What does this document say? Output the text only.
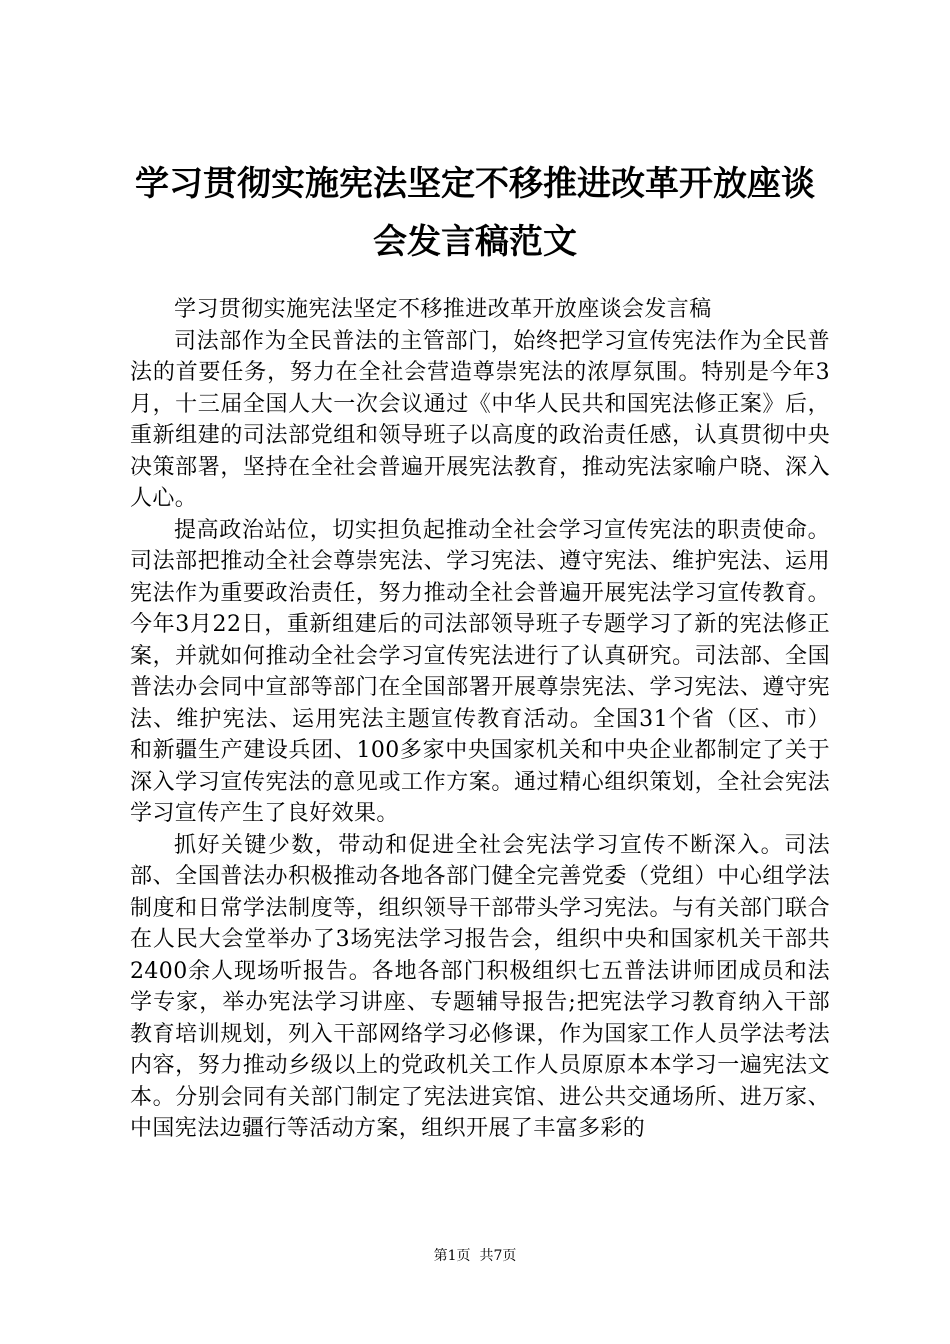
学习贯彻实施宪法坚定不移推进改革开放座谈
会发言稿范文

学习贯彻实施宪法坚定不移推进改革开放座谈会发言稿

司法部作为全民普法的主管部门，始终把学习宣传宪法作为全民普法的首要任务，努力在全社会营造尊崇宪法的浓厚氛围。特别是今年3月，十三届全国人大一次会议通过《中华人民共和国宪法修正案》后，重新组建的司法部党组和领导班子以高度的政治责任感，认真贯彻中央决策部署，坚持在全社会普遍开展宪法教育，推动宪法家喻户晓、深入人心。

提高政治站位，切实担负起推动全社会学习宣传宪法的职责使命。司法部把推动全社会尊崇宪法、学习宪法、遵守宪法、维护宪法、运用宪法作为重要政治责任，努力推动全社会普遍开展宪法学习宣传教育。今年3月22日，重新组建后的司法部领导班子专题学习了新的宪法修正案，并就如何推动全社会学习宣传宪法进行了认真研究。司法部、全国普法办会同中宣部等部门在全国部署开展尊崇宪法、学习宪法、遵守宪法、维护宪法、运用宪法主题宣传教育活动。全国31个省（区、市）和新疆生产建设兵团、100多家中央国家机关和中央企业都制定了关于深入学习宣传宪法的意见或工作方案。通过精心组织策划，全社会宪法学习宣传产生了良好效果。

抓好关键少数，带动和促进全社会宪法学习宣传不断深入。司法部、全国普法办积极推动各地各部门健全完善党委（党组）中心组学法制度和日常学法制度等，组织领导干部带头学习宪法。与有关部门联合在人民大会堂举办了3场宪法学习报告会，组织中央和国家机关干部共2400余人现场听报告。各地各部门积极组织七五普法讲师团成员和法学专家，举办宪法学习讲座、专题辅导报告;把宪法学习教育纳入干部教育培训规划，列入干部网络学习必修课，作为国家工作人员学法考法内容，努力推动乡级以上的党政机关工作人员原原本本学习一遍宪法文本。分别会同有关部门制定了宪法进宾馆、进公共交通场所、进万家、中国宪法边疆行等活动方案，组织开展了丰富多彩的

第1页  共7页
